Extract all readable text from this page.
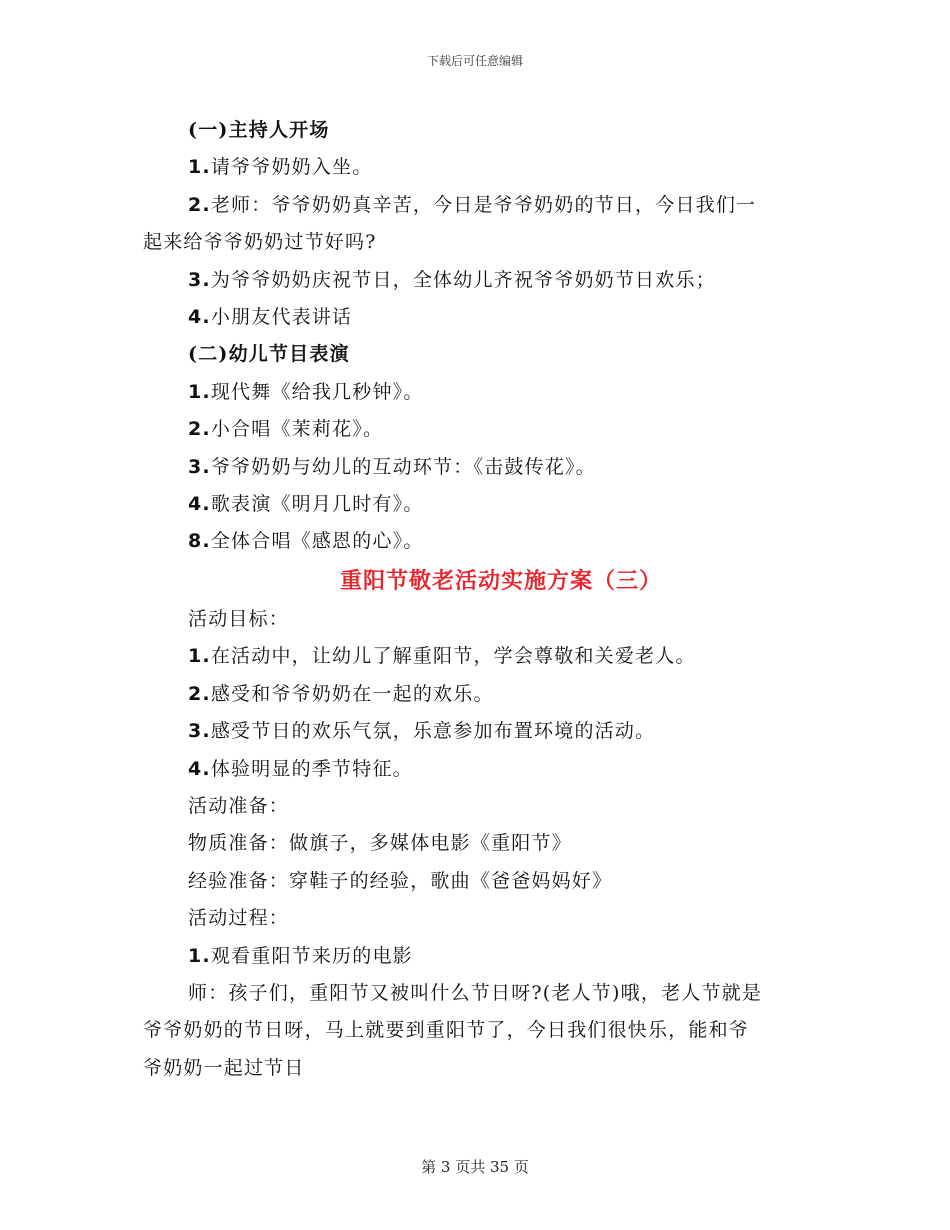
下载后可任意编辑
(一)主持人开场
1.请爷爷奶奶入坐。
2.老师：爷爷奶奶真辛苦，今日是爷爷奶奶的节日，今日我们一
起来给爷爷奶奶过节好吗?
3.为爷爷奶奶庆祝节日，全体幼儿齐祝爷爷奶奶节日欢乐；
4.小朋友代表讲话
(二)幼儿节目表演
1.现代舞《给我几秒钟》。
2.小合唱《茉莉花》。
3.爷爷奶奶与幼儿的互动环节：《击鼓传花》。
4.歌表演《明月几时有》。
8.全体合唱《感恩的心》。
重阳节敬老活动实施方案（三）
活动目标：
1.在活动中，让幼儿了解重阳节，学会尊敬和关爱老人。
2.感受和爷爷奶奶在一起的欢乐。
3.感受节日的欢乐气氛，乐意参加布置环境的活动。
4.体验明显的季节特征。
活动准备：
物质准备：做旗子，多媒体电影《重阳节》
经验准备：穿鞋子的经验，歌曲《爸爸妈妈好》
活动过程：
1.观看重阳节来历的电影
师：孩子们，重阳节又被叫什么节日呀?(老人节)哦，老人节就是
爷爷奶奶的节日呀，马上就要到重阳节了，今日我们很快乐，能和爷
爷奶奶一起过节日
第 3 页共 35 页
